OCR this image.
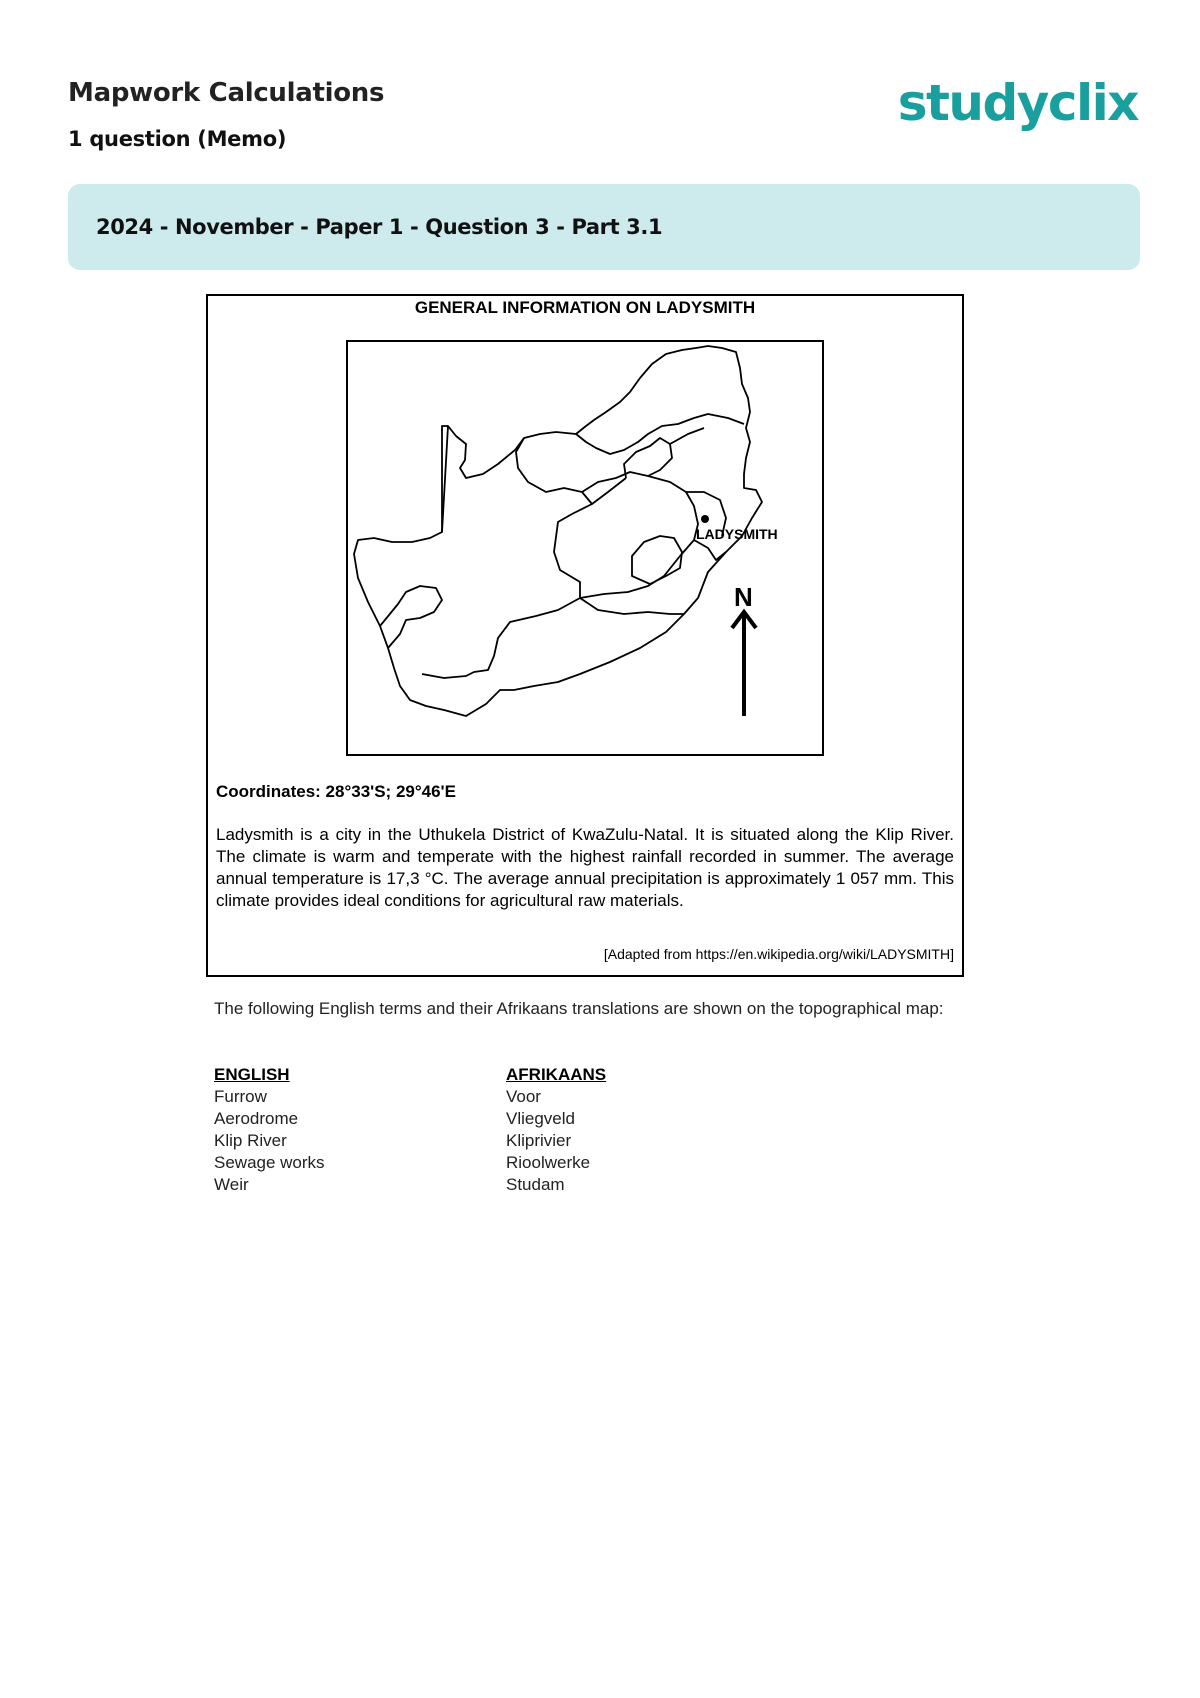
Mapwork Calculations

1 question (Memo)

studyclix
2024 - November - Paper 1 - Question 3 - Part 3.1

GENERAL INFORMATION ON LADYSMITH

LADYSMITH
N

Coordinates: 28°33'S; 29°46'E

Ladysmith is a city in the Uthukela District of KwaZulu-Natal. It is situated along the Klip River. The climate is warm and temperate with the highest rainfall recorded in summer. The average annual temperature is 17,3 °C. The average annual precipitation is approximately 1 057 mm. This climate provides ideal conditions for agricultural raw materials.

[Adapted from https://en.wikipedia.org/wiki/LADYSMITH]

The following English terms and their Afrikaans translations are shown on the topographical map:

ENGLISH
Furrow
Aerodrome
Klip River
Sewage works
Weir
AFRIKAANS
Voor
Vliegveld
Kliprivier
Rioolwerke
Studam
